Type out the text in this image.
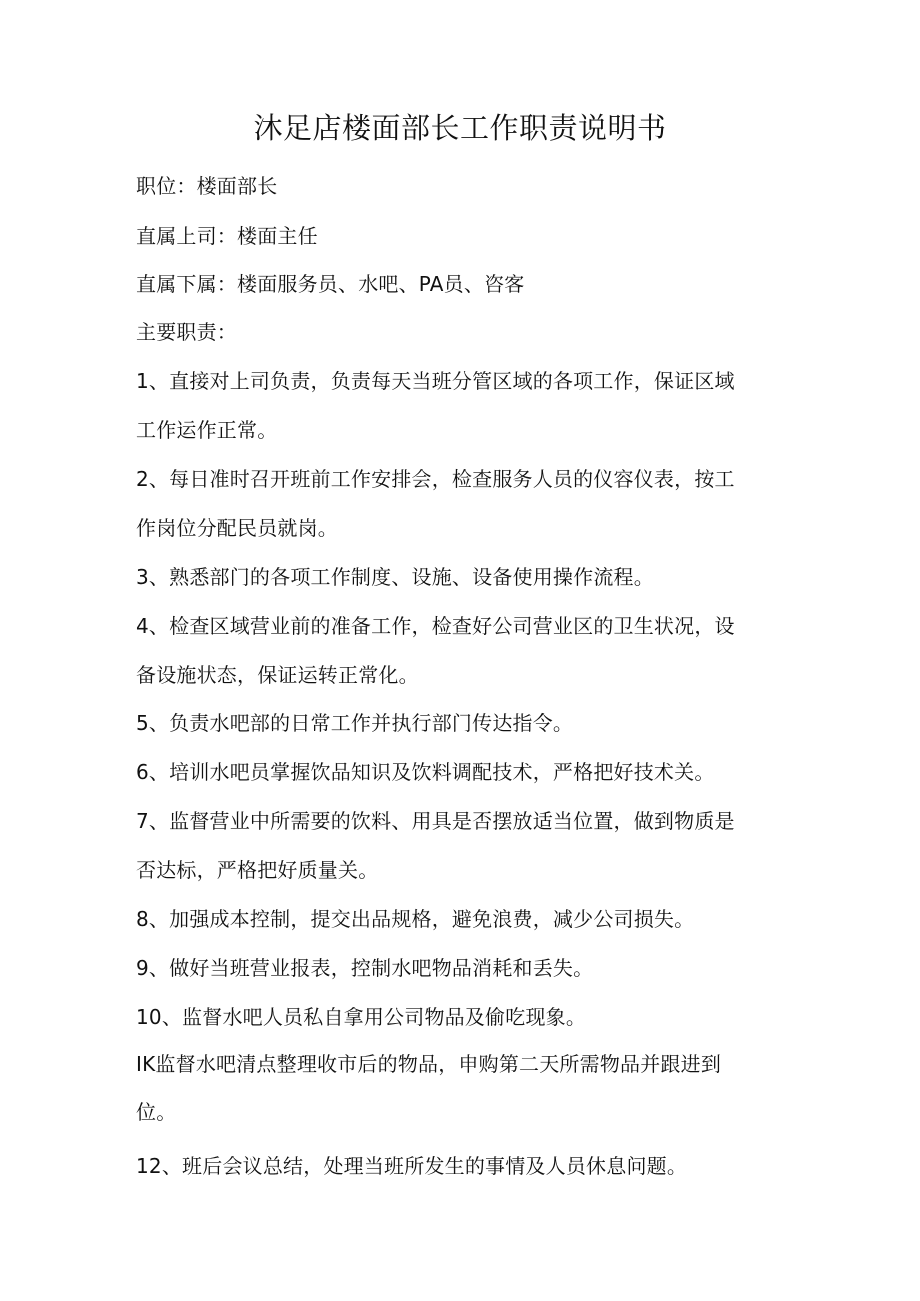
沐足店楼面部长工作职责说明书
职位：楼面部长
直属上司：楼面主任
直属下属：楼面服务员、水吧、PA员、咨客
主要职责：
1、直接对上司负责，负责每天当班分管区域的各项工作，保证区域
工作运作正常。
2、每日准时召开班前工作安排会，检查服务人员的仪容仪表，按工
作岗位分配民员就岗。
3、熟悉部门的各项工作制度、设施、设备使用操作流程。
4、检查区域营业前的准备工作，检查好公司营业区的卫生状况，设
备设施状态，保证运转正常化。
5、负责水吧部的日常工作并执行部门传达指令。
6、培训水吧员掌握饮品知识及饮料调配技术，严格把好技术关。
7、监督营业中所需要的饮料、用具是否摆放适当位置，做到物质是
否达标，严格把好质量关。
8、加强成本控制，提交出品规格，避免浪费，减少公司损失。
9、做好当班营业报表，控制水吧物品消耗和丢失。
10、监督水吧人员私自拿用公司物品及偷吃现象。
IK监督水吧清点整理收市后的物品，申购第二天所需物品并跟进到
位。
12、班后会议总结，处理当班所发生的事情及人员休息问题。
